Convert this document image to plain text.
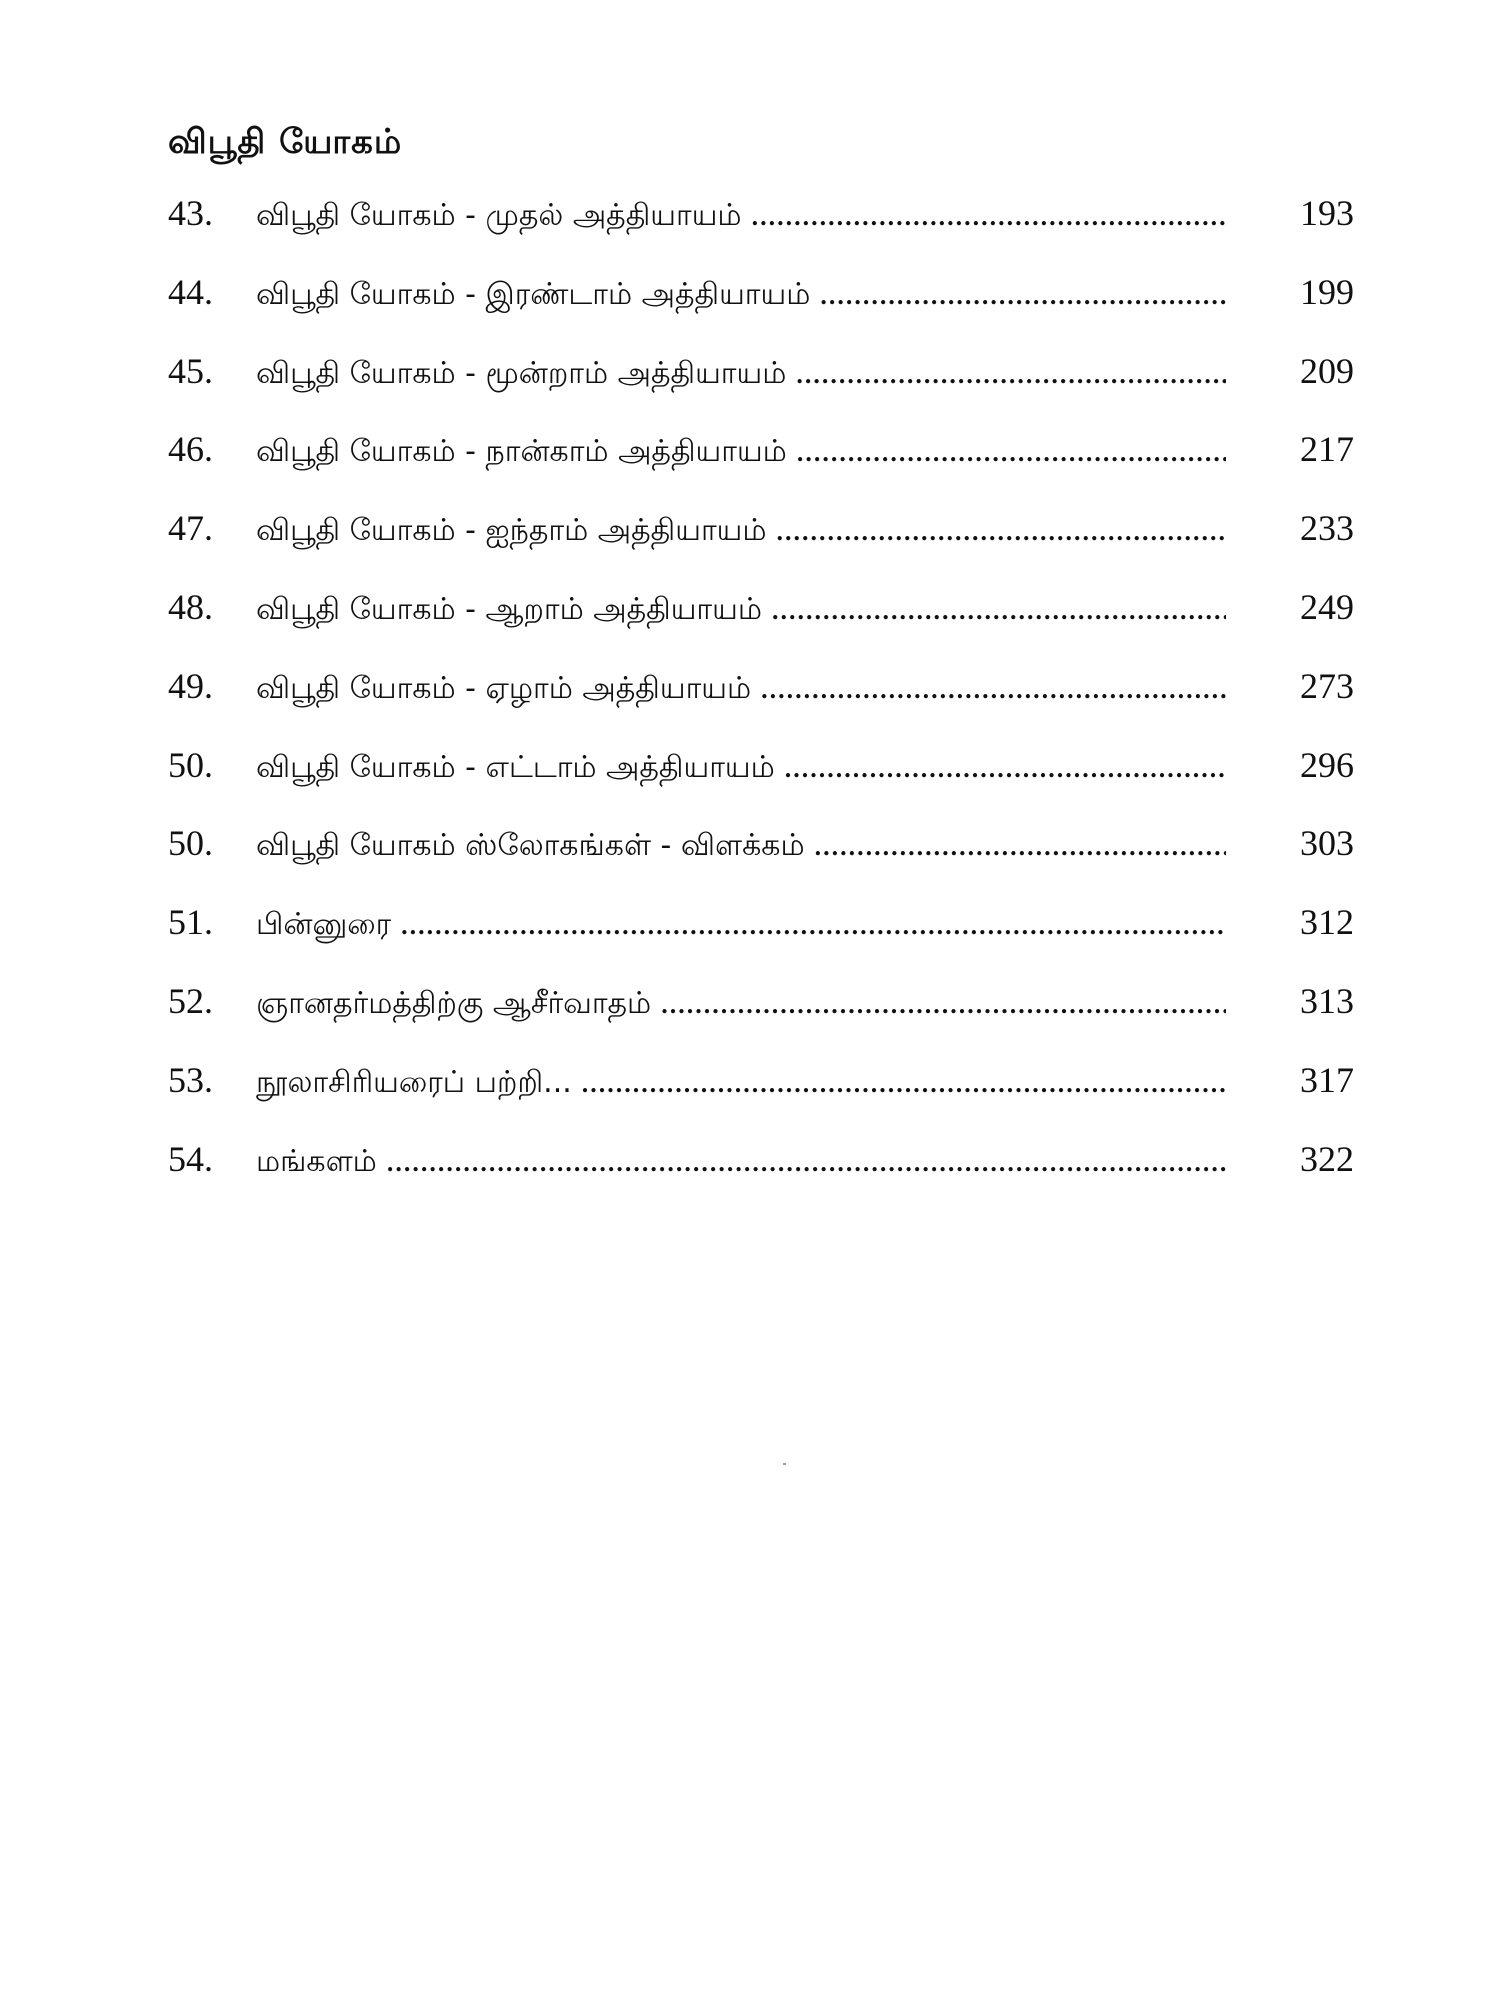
விபூதி யோகம்
43.	விபூதி யோகம் - முதல் அத்தியாயம் .....	193
44.	விபூதி யோகம் - இரண்டாம் அத்தியாயம் .....	199
45.	விபூதி யோகம் - மூன்றாம் அத்தியாயம் .....	209
46.	விபூதி யோகம் - நான்காம் அத்தியாயம் .....	217
47.	விபூதி யோகம் - ஐந்தாம் அத்தியாயம் .....	233
48.	விபூதி யோகம் - ஆறாம் அத்தியாயம் .....	249
49.	விபூதி யோகம் - ஏழாம் அத்தியாயம் .....	273
50.	விபூதி யோகம் - எட்டாம் அத்தியாயம் .....	296
50.	விபூதி யோகம் ஸ்லோகங்கள் - விளக்கம் .....	303
51.	பின்னுரை .....	312
52.	ஞானதர்மத்திற்கு ஆசீர்வாதம் .....	313
53.	நூலாசிரியரைப் பற்றி... .....	317
54.	மங்களம் .....	322
